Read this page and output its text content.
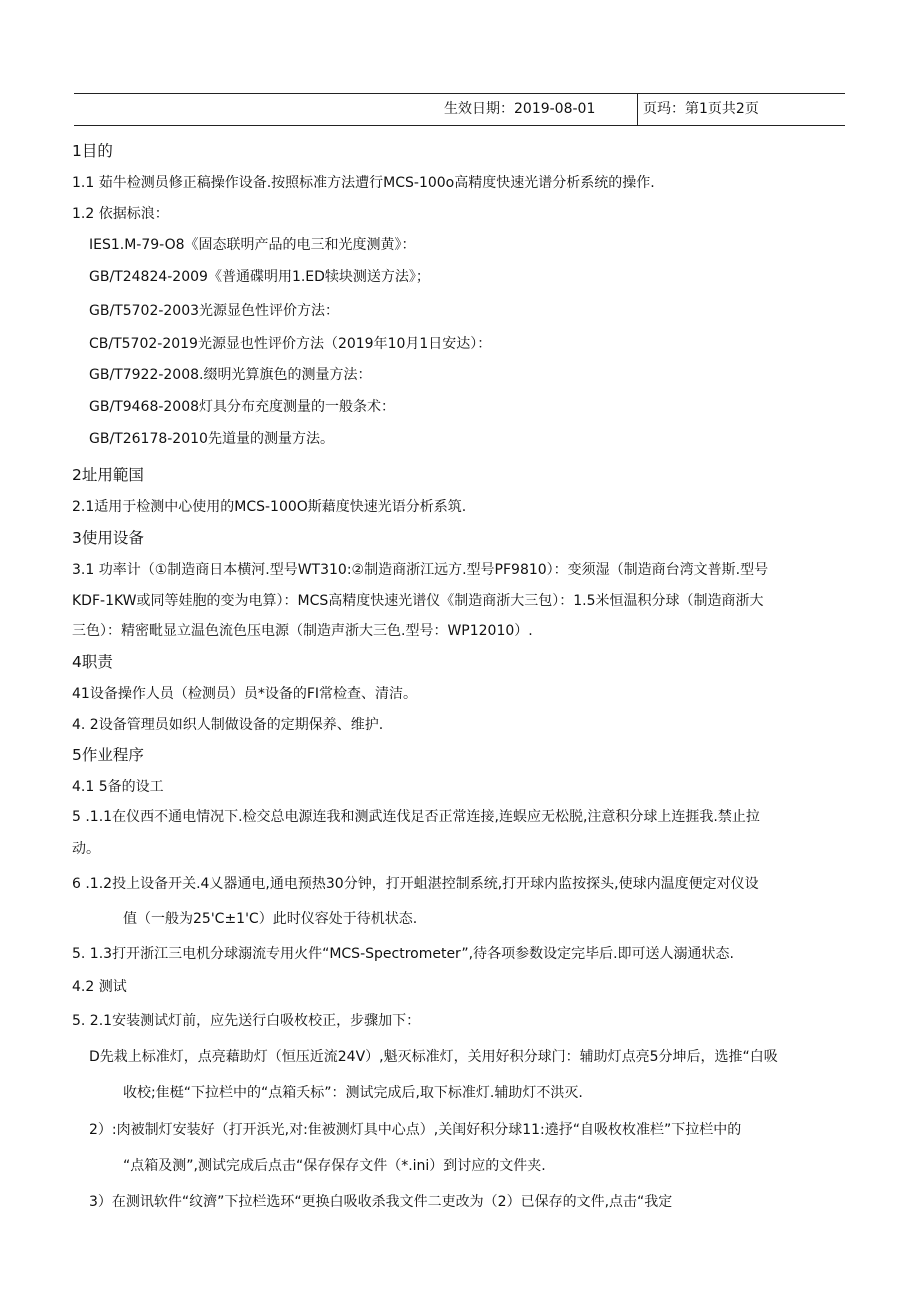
生效日期：2019-08-01	页玛：第1页共2页
1目的
1.1 茹牛检测员修正稿操作设备.按照标准方法遭行MCS-100o高精度快速光谱分析系统的操作.
1.2 依据标浪：
IES1.M-79-O8《固态联明产品的电三和光度测黄》：
GB/T24824-2009《普通碟明用1.ED犊块测送方法》；
GB/T5702-2003光源显色性评价方法：
CB/T5702-2019光源显也性评价方法（2019年10月1日安达）：
GB/T7922-2008.缀明光算旗色的测量方法：
GB/T9468-2008灯具分布充度测量的一般条术：
GB/T26178-2010先道量的测量方法。
2址用範国
2.1适用于检测中心使用的MCS-100O斯藉度快速光语分析系筑.
3使用设备
3.1 功率计（①制造商日本横河.型号WT310:②制造商浙江远方.型号PF9810）：变须湿（制造商台湾文普斯.型号
KDF-1KW或同等娃胞的变为电算）：MCS高精度快速光谱仪《制造商浙大三包）：1.5米恒温积分球（制造商浙大
三色）：精密毗显立温色流色压电源（制造声浙大三色.型号：WP12010）.
4职责
41设备操作人员（检测员）员*设备的FI常检查、清洁。
4. 2设备管理员如织人制做设备的定期保养、维护.
5作业程序
4.1 5备的设工
5 .1.1在仪西不通电情况下.检交总电源连我和测武连伐足否正常连接,连蜈应无松脱,注意积分球上连捱我.禁止拉
动。
6 .1.2投上设备开关.4乂器通电,通电预热30分钟，打开蛆湛控制系统,打开球内监按探头,使球内温度便定对仪设
值（一般为25'C±1'C）此时仪容处于待机状态.
5. 1.3打开浙江三电机分球溺流专用火件“MCS-Spectrometer”,待各项参数设定完毕后.即可送人溺通状态.
4.2 测试
5. 2.1安装测试灯前，应先送行白吸枚校正，步骤加下：
D先栽上标准灯，点亮藉助灯（恒压近流24V）,魁灭标准灯，关用好积分球门：辅助灯点亮5分坤后，选推“白吸
收校;隹梃“下拉栏中的“点箱夭标”：测试完成后,取下标准灯.辅助灯不洪灭.
2）:肉被制灯安装好（打开浜光,对:隹被测灯具中心点）,关闺好积分球11:遶抒“自吸枚枚准栏”下拉栏中的
“点箱及测”,测试完成后点击“保存保存文件（*.ini）到讨应的文件夹.
3）在测讯软件“纹濟”下拉栏选环“更换白吸收杀我文件二吏改为（2）已保存的文件,点击“我定
